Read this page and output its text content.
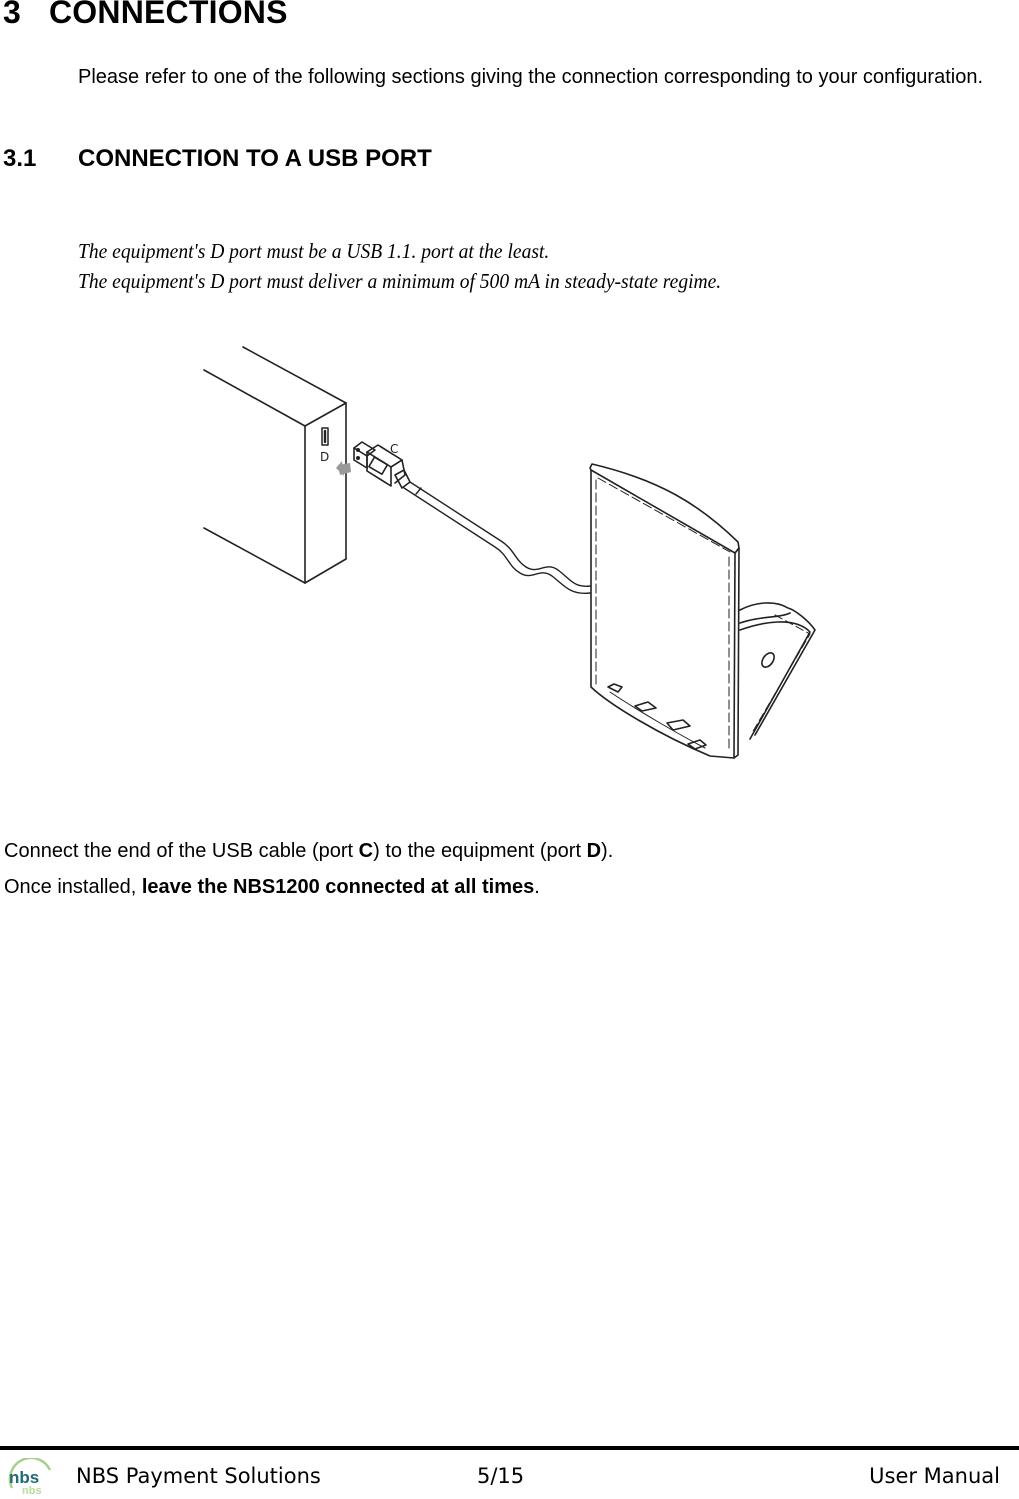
3 CONNECTIONS
Please refer to one of the following sections giving the connection corresponding to your configuration.
3.1 CONNECTION TO A USB PORT
The equipment's D port must be a USB 1.1. port at the least.
The equipment's D port must deliver a minimum of 500 mA in steady-state regime.
D
C
Connect the end of the USB cable (port C) to the equipment (port D).
Once installed, leave the NBS1200 connected at all times.
nbs
nbs
NBS Payment Solutions	5/15	User Manual
